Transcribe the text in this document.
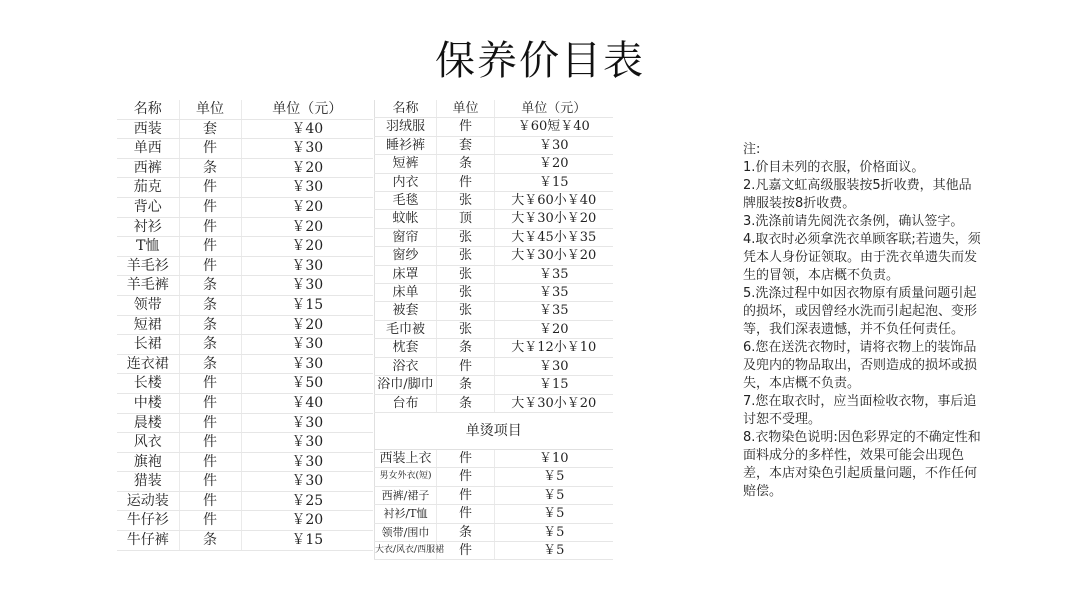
保养价目表
名称	单位	单位（元）
西装	套	￥40
单西	件	￥30
西裤	条	￥20
茄克	件	￥30
背心	件	￥20
衬衫	件	￥20
T恤	件	￥20
羊毛衫	件	￥30
羊毛裤	条	￥30
领带	条	￥15
短裙	条	￥20
长裙	条	￥30
连衣裙	条	￥30
长楼	件	￥50
中楼	件	￥40
晨楼	件	￥30
风衣	件	￥30
旗袍	件	￥30
猎装	件	￥30
运动装	件	￥25
牛仔衫	件	￥20
牛仔裤	条	￥15
名称	单位	单位（元）
羽绒服	件	￥60短￥40
睡衫裤	套	￥30
短裤	条	￥20
内衣	件	￥15
毛毯	张	大￥60小￥40
蚊帐	顶	大￥30小￥20
窗帘	张	大￥45小￥35
窗纱	张	大￥30小￥20
床罩	张	￥35
床单	张	￥35
被套	张	￥35
毛巾被	张	￥20
枕套	条	大￥12小￥10
浴衣	件	￥30
浴巾/脚巾	条	￥15
台布	条	大￥30小￥20
单烫项目		
西装上衣	件	￥10
男女外衣(短)	件	￥5
西裤/裙子	件	￥5
衬衫/T恤	件	￥5
领带/围巾	条	￥5
大衣/风衣/西服裙	件	￥5

注:

1.价目未列的衣服，价格面议。

2.凡嘉文虹高级服装按5折收费，其他品牌服装按8折收费。

3.洗涤前请先阅洗衣条例，确认签字。

4.取衣时必须拿洗衣单顾客联;若遗失，须凭本人身份证领取。由于洗衣单遗失而发生的冒领，本店概不负责。

5.洗涤过程中如因衣物原有质量问题引起的损坏，或因曾经水洗而引起起泡、变形等，我们深表遗憾，并不负任何责任。

6.您在送洗衣物时，请将衣物上的装饰品及兜内的物品取出，否则造成的损坏或损失，本店概不负责。

7.您在取衣时，应当面检收衣物，事后追讨恕不受理。

8.衣物染色说明:因色彩界定的不确定性和面料成分的多样性，效果可能会出现色差，本店对染色引起质量问题，不作任何赔偿。
